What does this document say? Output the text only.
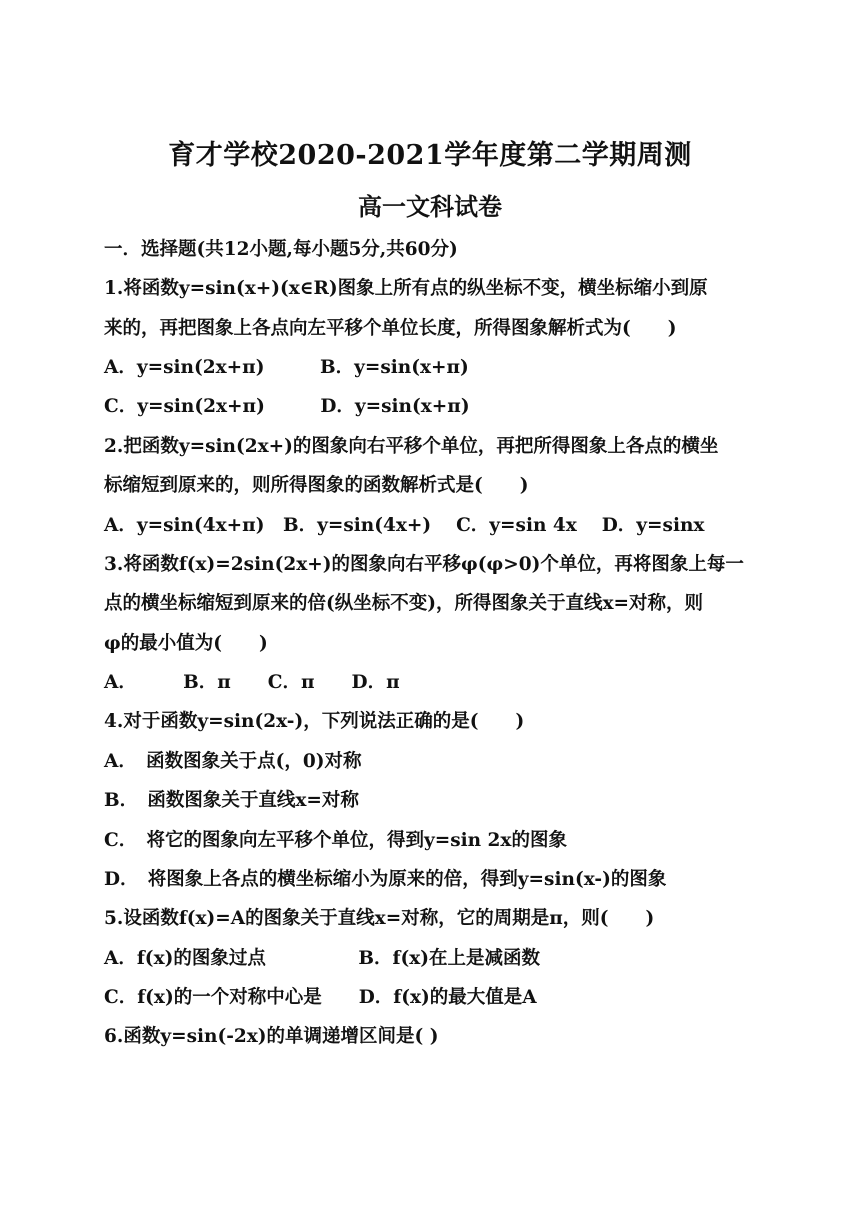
育才学校2020-2021学年度第二学期周测
高一文科试卷
一．选择题(共12小题,每小题5分,共60分)
1.将函数y=sin(x+)(x∈R)图象上所有点的纵坐标不变，横坐标缩小到原
来的，再把图象上各点向左平移个单位长度，所得图象解析式为(　　)
A．y=sin(2x+π)　　　B．y=sin(x+π)
C．y=sin(2x+π)　　　D．y=sin(x+π)
2.把函数y=sin(2x+)的图象向右平移个单位，再把所得图象上各点的横坐
标缩短到原来的，则所得图象的函数解析式是(　　)
A．y=sin(4x+π)　B．y=sin(4x+)　 C．y=sin 4x　 D．y=sinx
3.将函数f(x)=2sin(2x+)的图象向右平移φ(φ>0)个单位，再将图象上每一
点的横坐标缩短到原来的倍(纵坐标不变)，所得图象关于直线x=对称，则
φ的最小值为(　　)
A．　　　B．π　　C．π　　D．π
4.对于函数y=sin(2x-)，下列说法正确的是(　　)
A．　函数图象关于点(，0)对称
B．　函数图象关于直线x=对称
C．　将它的图象向左平移个单位，得到y=sin 2x的图象
D．　将图象上各点的横坐标缩小为原来的倍，得到y=sin(x-)的图象
5.设函数f(x)=A的图象关于直线x=对称，它的周期是π，则(　　)
A．f(x)的图象过点　　　　　B．f(x)在上是减函数
C．f(x)的一个对称中心是　　D．f(x)的最大值是A
6.函数y=sin(-2x)的单调递增区间是( )
